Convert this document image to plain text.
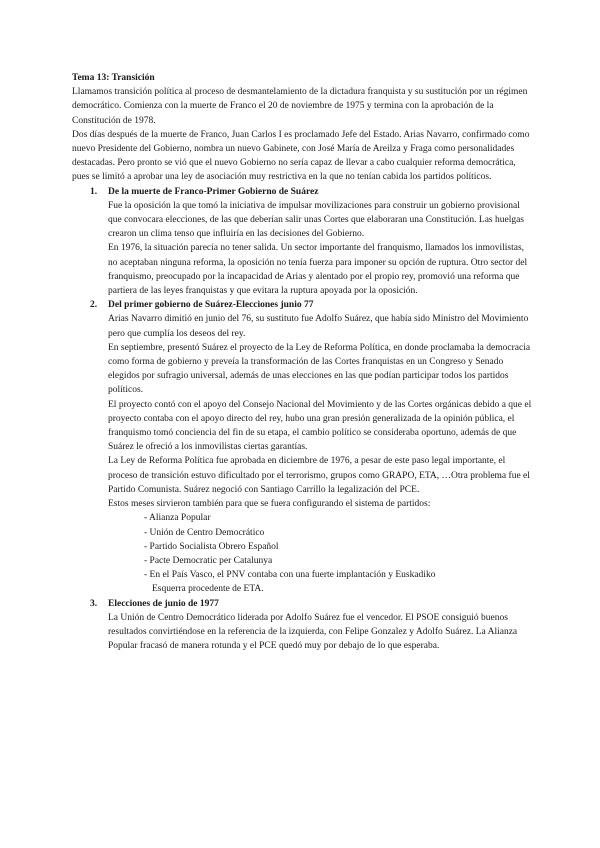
Tema 13: Transición

Llamamos transición política al proceso de desmantelamiento de la dictadura franquista y su sustitución por un régimen democrático. Comienza con la muerte de Franco el 20 de noviembre de 1975 y termina con la aprobación de la Constitución de 1978.

Dos días después de la muerte de Franco, Juan Carlos I es proclamado Jefe del Estado. Arias Navarro, confirmado como nuevo Presidente del Gobierno, nombra un nuevo Gabinete, con José María de Areilza y Fraga como personalidades destacadas. Pero pronto se vió que el nuevo Gobierno no sería capaz de llevar a cabo cualquier reforma democrática, pues se limitó a aprobar una ley de asociación muy restrictiva en la que no tenían cabida los partidos políticos.

1.	De la muerte de Franco-Primer Gobierno de Suárez

Fue la oposición la que tomó la iniciativa de impulsar movilizaciones para construir un gobierno provisional que convocara elecciones, de las que deberían salir unas Cortes que elaboraran una Constitución. Las huelgas crearon un clima tenso que influiría en las decisiones del Gobierno.

En 1976, la situación parecía no tener salida. Un sector importante del franquismo, llamados los inmovilistas, no aceptaban ninguna reforma, la oposición no tenía fuerza para imponer su opción de ruptura. Otro sector del franquismo, preocupado por la incapacidad de Arias y alentado por el propio rey, promovió una reforma que partiera de las leyes franquistas y que evitara la ruptura apoyada por la oposición.

2.	Del primer gobierno de Suárez-Elecciones junio 77

Arias Navarro dimitió en junio del 76, su sustituto fue Adolfo Suárez, que había sido Ministro del Movimiento pero que cumplía los deseos del rey.

En septiembre, presentó Suárez el proyecto de la Ley de Reforma Política, en donde proclamaba la democracia como forma de gobierno y preveía la transformación de las Cortes franquistas en un Congreso y Senado elegidos por sufragio universal, además de unas elecciones en las que podían participar todos los partidos políticos.

El proyecto contó con el apoyo del Consejo Nacional del Movimiento y de las Cortes orgánicas debido a que el proyecto contaba con el apoyo directo del rey, hubo una gran presión generalizada de la opinión pública, el franquismo tomó conciencia del fin de su etapa, el cambio político se consideraba oportuno, además de que Suárez le ofreció a los inmovilistas ciertas garantías.

La Ley de Reforma Política fue aprobada en diciembre de 1976, a pesar de este paso legal importante, el proceso de transición estuvo dificultado por el terrorismo, grupos como GRAPO, ETA, …Otra problema fue el Partido Comunista. Suárez negoció con Santiago Carrillo la legalización del PCE.

Estos meses sirvieron también para que se fuera configurando el sistema de partidos:

- Alianza Popular
- Unión de Centro Democrático
- Partido Socialista Obrero Español
- Pacte Democratic per Catalunya
- En el País Vasco, el PNV contaba con una fuerte implantación y Euskadiko
Esquerra procedente de ETA.
3.	Elecciones de junio de 1977

La Unión de Centro Democrático liderada por Adolfo Suárez fue el vencedor. El PSOE consiguió buenos resultados convirtiéndose en la referencia de la izquierda, con Felipe Gonzalez y Adolfo Suárez. La Alianza Popular fracasó de manera rotunda y el PCE quedó muy por debajo de lo que esperaba.
